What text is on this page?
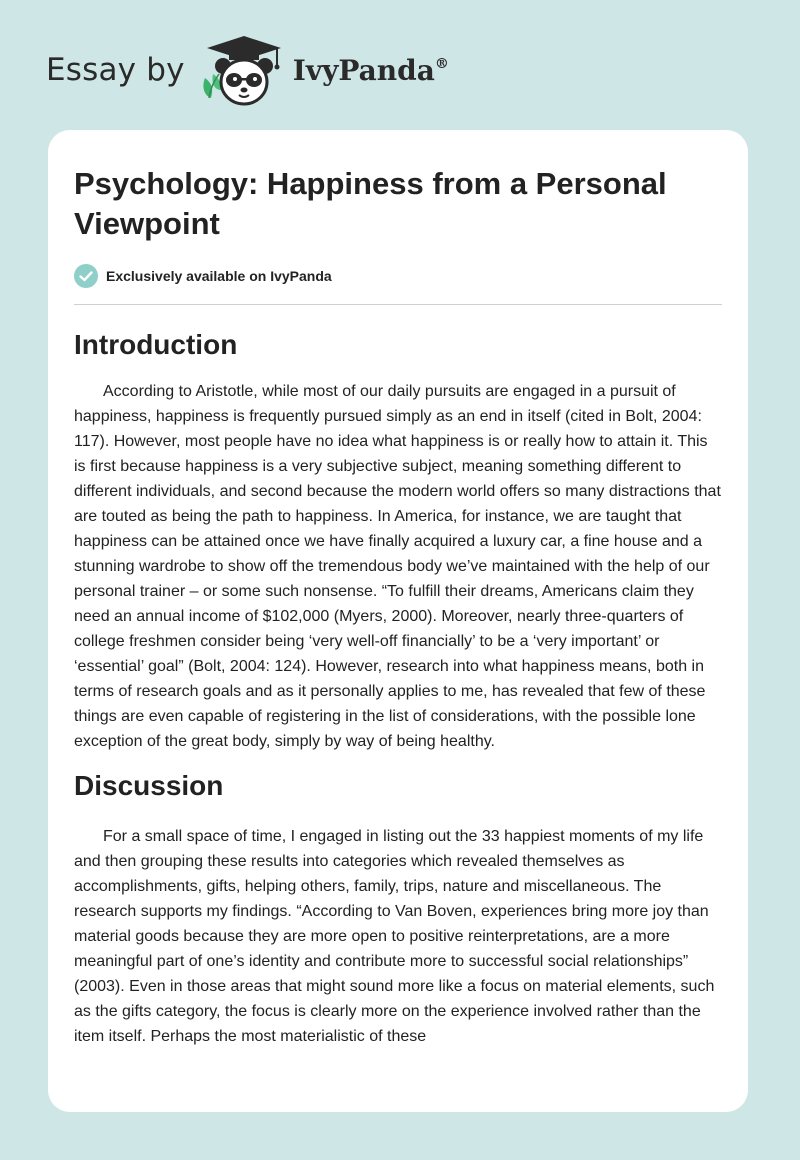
Essay by	IvyPanda®
Psychology: Happiness from a Personal Viewpoint
Exclusively available on IvyPanda
Introduction

According to Aristotle, while most of our daily pursuits are engaged in a pursuit of happiness, happiness is frequently pursued simply as an end in itself (cited in Bolt, 2004: 117). However, most people have no idea what happiness is or really how to attain it. This is first because happiness is a very subjective subject, meaning something different to different individuals, and second because the modern world offers so many distractions that are touted as being the path to happiness. In America, for instance, we are taught that happiness can be attained once we have finally acquired a luxury car, a fine house and a stunning wardrobe to show off the tremendous body we’ve maintained with the help of our personal trainer – or some such nonsense. “To fulfill their dreams, Americans claim they need an annual income of $102,000 (Myers, 2000). Moreover, nearly three-quarters of college freshmen consider being ‘very well-off financially’ to be a ‘very important’ or ‘essential’ goal” (Bolt, 2004: 124). However, research into what happiness means, both in terms of research goals and as it personally applies to me, has revealed that few of these things are even capable of registering in the list of considerations, with the possible lone exception of the great body, simply by way of being healthy.

Discussion

For a small space of time, I engaged in listing out the 33 happiest moments of my life and then grouping these results into categories which revealed themselves as accomplishments, gifts, helping others, family, trips, nature and miscellaneous. The research supports my findings. “According to Van Boven, experiences bring more joy than material goods because they are more open to positive reinterpretations, are a more meaningful part of one’s identity and contribute more to successful social relationships” (2003). Even in those areas that might sound more like a focus on material elements, such as the gifts category, the focus is clearly more on the experience involved rather than the item itself. Perhaps the most materialistic of these
